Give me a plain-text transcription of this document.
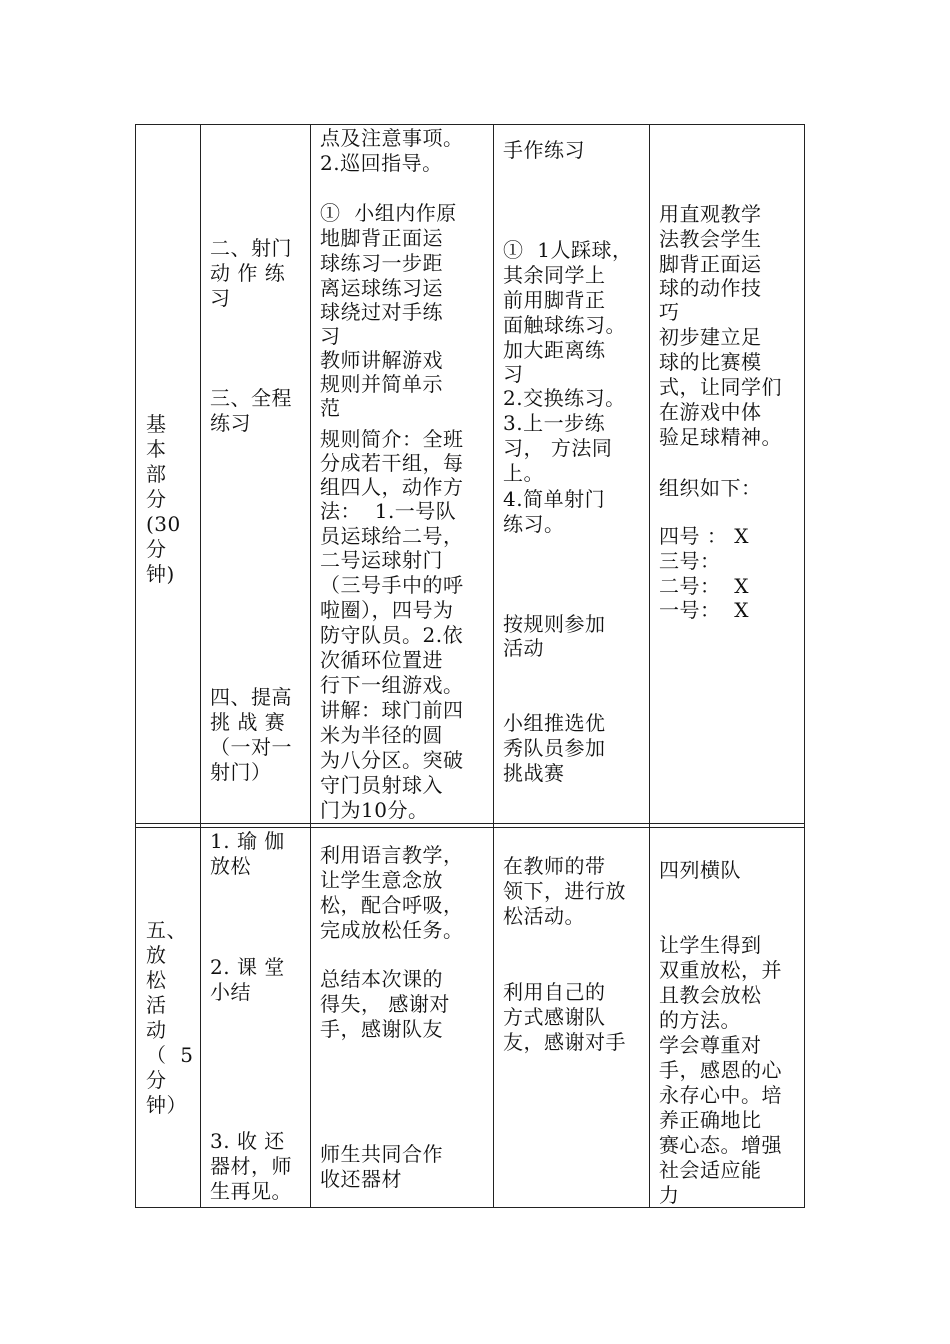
基
本
部
分
(30
分
钟)
二、射门
动 作 练
习
三、全程
练习
四、提高
挑 战 赛
（一对一
射门）
点及注意事项。
2.巡回指导。
①  小组内作原
地脚背正面运
球练习一步距
离运球练习运
球绕过对手练
习
教师讲解游戏
规则并简单示
范
规则简介：全班
分成若干组，每
组四人，动作方
法：  1.一号队
员运球给二号，
二号运球射门
（三号手中的呼
啦圈），四号为
防守队员。2.依
次循环位置进
行下一组游戏。
讲解：球门前四
米为半径的圆
为八分区。突破
守门员射球入
门为10分。
手作练习
①  1人踩球，
其余同学上
前用脚背正
面触球练习。
加大距离练
习
2.交换练习。
3.上一步练
习， 方法同
上。
4.简单射门
练习。
按规则参加
活动
小组推选优
秀队员参加
挑战赛
用直观教学
法教会学生
脚背正面运
球的动作技
巧
初步建立足
球的比赛模
式，让同学们
在游戏中体
验足球精神。
组织如下：
四号 ： X
三号：
二号：  X
一号：  X
五、
放
松
活
动
（  5
分
钟）
1. 瑜 伽
放松
2. 课 堂
小结
3. 收 还
器材，师
生再见。
利用语言教学，
让学生意念放
松，配合呼吸，
完成放松任务。
总结本次课的
得失， 感谢对
手，感谢队友
师生共同合作
收还器材
在教师的带
领下，进行放
松活动。
利用自己的
方式感谢队
友，感谢对手
四列横队
让学生得到
双重放松，并
且教会放松
的方法。
学会尊重对
手，感恩的心
永存心中。培
养正确地比
赛心态。增强
社会适应能
力
